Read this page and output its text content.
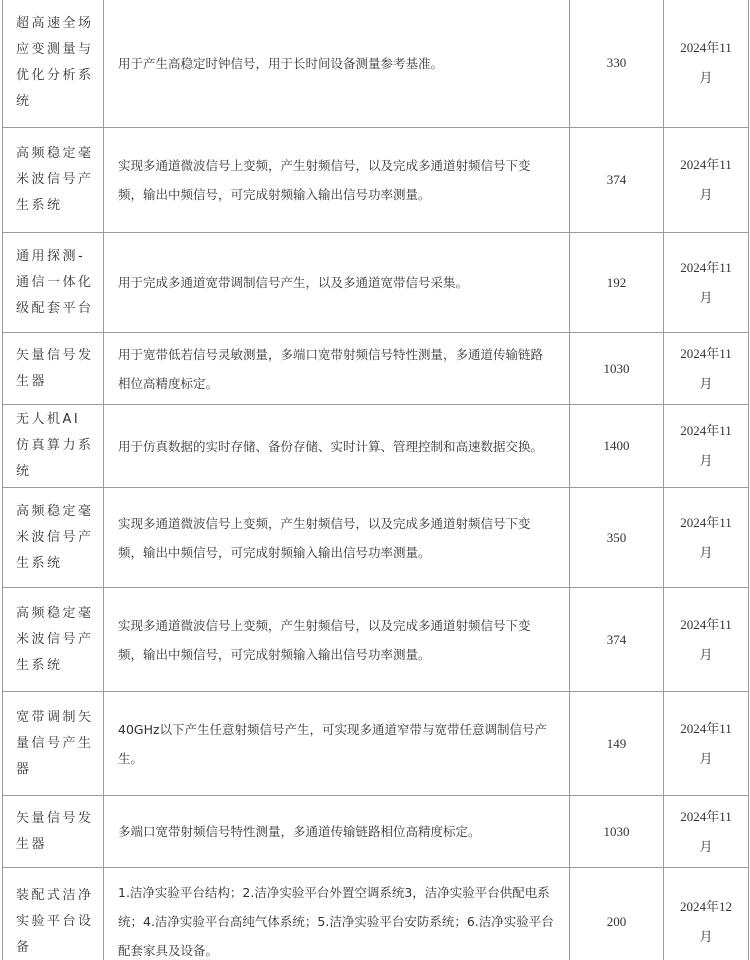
超高速全场应变测量与优化分析系统	用于产生高稳定时钟信号，用于长时间设备测量参考基准。	330	2024年11
月

高频稳定毫米波信号产生系统	实现多通道微波信号上变频，产生射频信号，以及完成多通道射频信号下变频，输出中频信号，可完成射频输入输出信号功率测量。	374	2024年11
月

通用探测-通信一体化级配套平台	用于完成多通道宽带调制信号产生，以及多通道宽带信号采集。	192	2024年11
月

矢量信号发生器	用于宽带低若信号灵敏测量，多端口宽带射频信号特性测量，多通道传输链路相位高精度标定。	1030	2024年11
月

无人机AI仿真算力系统	用于仿真数据的实时存储、备份存储、实时计算、管理控制和高速数据交换。	1400	2024年11
月

高频稳定毫米波信号产生系统	实现多通道微波信号上变频，产生射频信号，以及完成多通道射频信号下变频，输出中频信号，可完成射频输入输出信号功率测量。	350	2024年11
月

高频稳定毫米波信号产生系统	实现多通道微波信号上变频，产生射频信号，以及完成多通道射频信号下变频，输出中频信号，可完成射频输入输出信号功率测量。	374	2024年11
月

宽带调制矢量信号产生器	40GHz以下产生任意射频信号产生，可实现多通道窄带与宽带任意调制信号产生。	149	2024年11
月

矢量信号发生器	多端口宽带射频信号特性测量，多通道传输链路相位高精度标定。	1030	2024年11
月

装配式洁净实验平台设备	1.洁净实验平台结构；2.洁净实验平台外置空调系统3，洁净实验平台供配电系统；4.洁净实验平台高纯气体系统；5.洁净实验平台安防系统；6.洁净实验平台配套家具及设备。	200	2024年12
月
